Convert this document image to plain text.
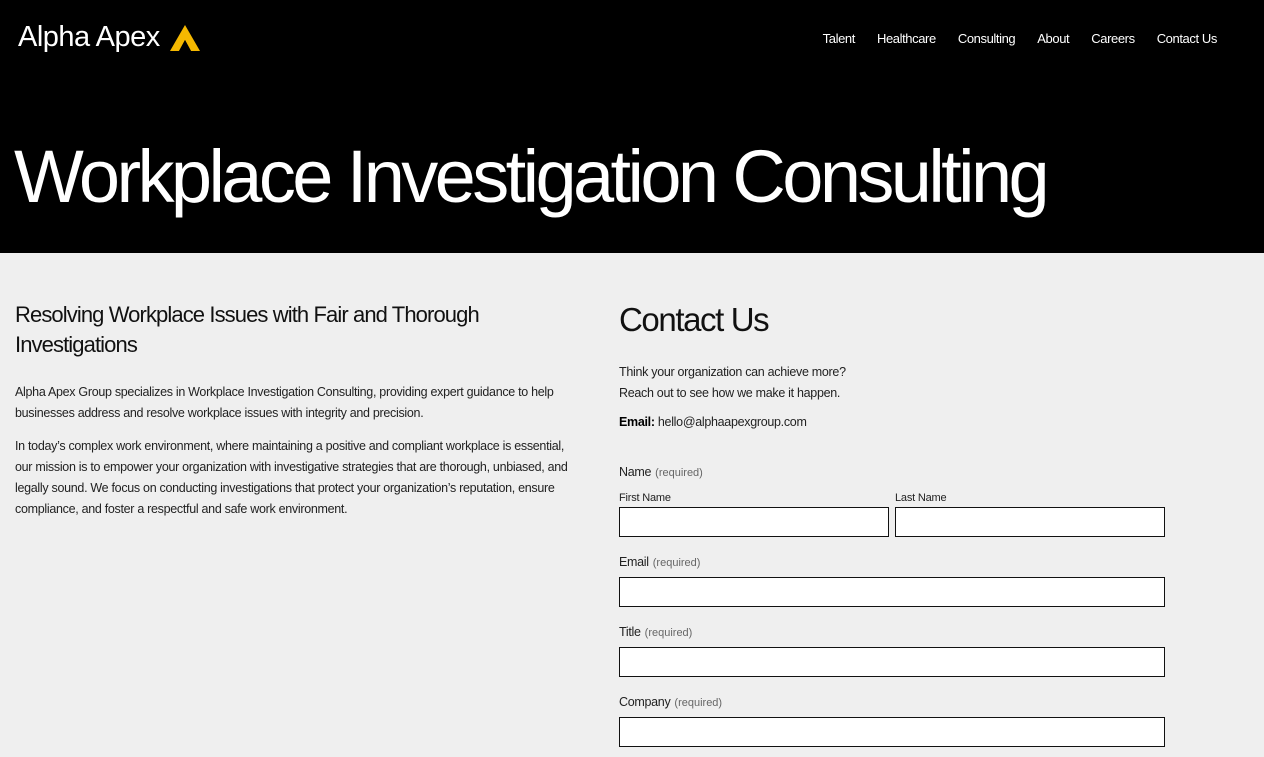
Alpha Apex	Talent Healthcare Consulting About Careers Contact Us
Workplace Investigation Consulting
Resolving Workplace Issues with Fair and Thorough Investigations

Alpha Apex Group specializes in Workplace Investigation Consulting, providing expert guidance to help businesses address and resolve workplace issues with integrity and precision.

In today’s complex work environment, where maintaining a positive and compliant workplace is essential, our mission is to empower your organization with investigative strategies that are thorough, unbiased, and legally sound. We focus on conducting investigations that protect your organization’s reputation, ensure compliance, and foster a respectful and safe work environment.

Contact Us
Think your organization can achieve more?
Reach out to see how we make it happen.
Email: hello@alphaapexgroup.com
Name (required)
First Name	Last Name
Email (required)
Title (required)
Company (required)
